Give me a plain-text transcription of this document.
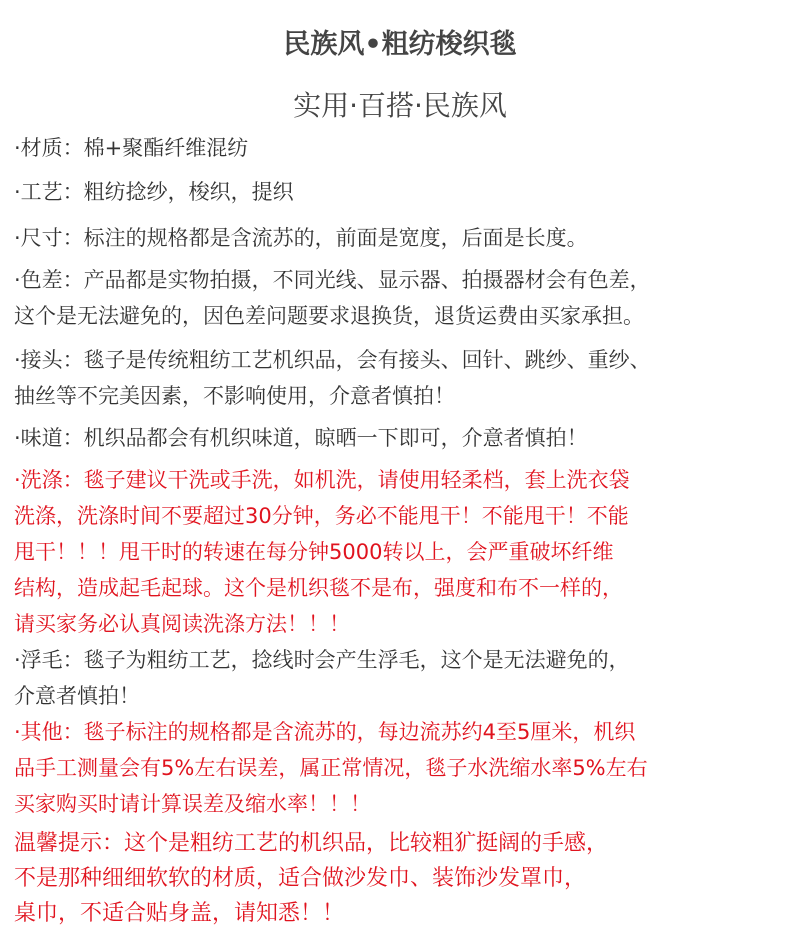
民族风•粗纺梭织毯
实用·百搭·民族风
·材质：棉+聚酯纤维混纺
·工艺：粗纺捻纱，梭织，提织
·尺寸：标注的规格都是含流苏的，前面是宽度，后面是长度。
·色差：产品都是实物拍摄，不同光线、显示器、拍摄器材会有色差，
这个是无法避免的，因色差问题要求退换货，退货运费由买家承担。
·接头：毯子是传统粗纺工艺机织品，会有接头、回针、跳纱、重纱、
抽丝等不完美因素，不影响使用，介意者慎拍！
·味道：机织品都会有机织味道，晾晒一下即可，介意者慎拍！
·洗涤：毯子建议干洗或手洗，如机洗，请使用轻柔档，套上洗衣袋
洗涤，洗涤时间不要超过30分钟，务必不能甩干！不能甩干！不能
甩干！！！甩干时的转速在每分钟5000转以上，会严重破坏纤维
结构，造成起毛起球。这个是机织毯不是布，强度和布不一样的，
请买家务必认真阅读洗涤方法！！！
·浮毛：毯子为粗纺工艺，捻线时会产生浮毛，这个是无法避免的，
介意者慎拍！
·其他：毯子标注的规格都是含流苏的，每边流苏约4至5厘米，机织
品手工测量会有5%左右误差，属正常情况，毯子水洗缩水率5%左右
买家购买时请计算误差及缩水率！！！
温馨提示：这个是粗纺工艺的机织品，比较粗犷挺阔的手感，
不是那种细细软软的材质，适合做沙发巾、装饰沙发罩巾，
桌巾，不适合贴身盖，请知悉！！
